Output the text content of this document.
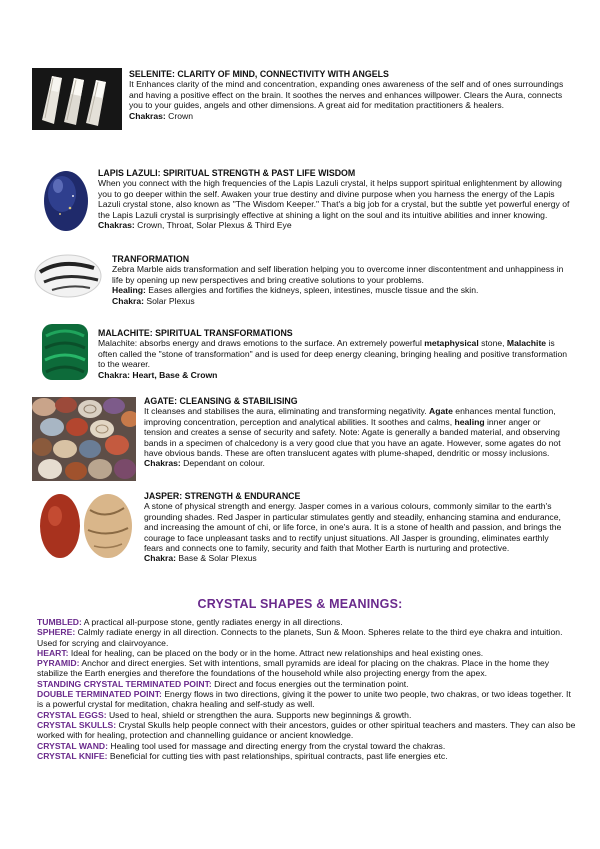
SELENITE: CLARITY OF MIND, CONNECTIVITY WITH ANGELS
It Enhances clarity of the mind and concentration, expanding ones awareness of the self and of ones surroundings and having a positive effect on the brain. It soothes the nerves and enhances willpower. Clears the Aura, connects you to your guides, angels and other dimensions. A great aid for meditation practitioners & healers.
Chakras: Crown
LAPIS LAZULI: SPIRITUAL STRENGTH & PAST LIFE WISDOM
When you connect with the high frequencies of the Lapis Lazuli crystal, it helps support spiritual enlightenment by allowing you to go deeper within the self. Awaken your true destiny and divine purpose when you harness the energy of the Lapis Lazuli crystal stone, also known as "The Wisdom Keeper." That's a big job for a crystal, but the subtle yet powerful energy of the Lapis Lazuli crystal is surprisingly effective at shining a light on the soul and its intuitive abilities and inner knowing.
Chakras: Crown, Throat, Solar Plexus & Third Eye
TRANFORMATION
Zebra Marble aids transformation and self liberation helping you to overcome inner discontentment and unhappiness in life by opening up new perspectives and bring creative solutions to your problems.
Healing: Eases allergies and fortifies the kidneys, spleen, intestines, muscle tissue and the skin.
Chakra: Solar Plexus
MALACHITE: SPIRITUAL TRANSFORMATIONS
Malachite: absorbs energy and draws emotions to the surface. An extremely powerful metaphysical stone, Malachite is often called the "stone of transformation" and is used for deep energy cleaning, bringing healing and positive transformation to the wearer.
Chakra: Heart, Base & Crown
AGATE: CLEANSING & STABILISING
It cleanses and stabilises the aura, eliminating and transforming negativity. Agate enhances mental function, improving concentration, perception and analytical abilities. It soothes and calms, healing inner anger or tension and creates a sense of security and safety. Note: Agate is generally a banded material, and observing bands in a specimen of chalcedony is a very good clue that you have an agate. However, some agates do not have obvious bands. These are often translucent agates with plume-shaped, dendritic or mossy inclusions.
Chakras: Dependant on colour.
JASPER: STRENGTH & ENDURANCE
A stone of physical strength and energy. Jasper comes in a various colours, commonly similar to the earth's grounding shades. Red Jasper in particular stimulates gently and steadily, enhancing stamina and endurance, and increasing the amount of chi, or life force, in one's aura. It is a stone of health and passion, and brings the courage to face unpleasant tasks and to rectify unjust situations. All Jasper is grounding, eliminates earthly fears and connects one to family, security and faith that Mother Earth is nurturing and protective.
Chakra: Base & Solar Plexus
CRYSTAL SHAPES & MEANINGS:

TUMBLED: A practical all-purpose stone, gently radiates energy in all directions.

SPHERE: Calmly radiate energy in all direction. Connects to the planets, Sun & Moon. Spheres relate to the third eye chakra and intuition. Used for scrying and clairvoyance.

HEART: Ideal for healing, can be placed on the body or in the home. Attract new relationships and heal existing ones.

PYRAMID: Anchor and direct energies. Set with intentions, small pyramids are ideal for placing on the chakras. Place in the home they stabilize the Earth energies and therefore the foundations of the household while also projecting energy from the apex.

STANDING CRYSTAL TERMINATED POINT: Direct and focus energies out the termination point.

DOUBLE TERMINATED POINT: Energy flows in two directions, giving it the power to unite two people, two chakras, or two ideas together. It is a powerful crystal for meditation, chakra healing and self-study as well.

CRYSTAL EGGS: Used to heal, shield or strengthen the aura. Supports new beginnings & growth.

CRYSTAL SKULLS: Crystal Skulls help people connect with their ancestors, guides or other spiritual teachers and masters. They can also be worked with for healing, protection and channelling guidance or ancient knowledge.

CRYSTAL WAND: Healing tool used for massage and directing energy from the crystal toward the chakras.

CRYSTAL KNIFE: Beneficial for cutting ties with past relationships, spiritual contracts, past life energies etc.
